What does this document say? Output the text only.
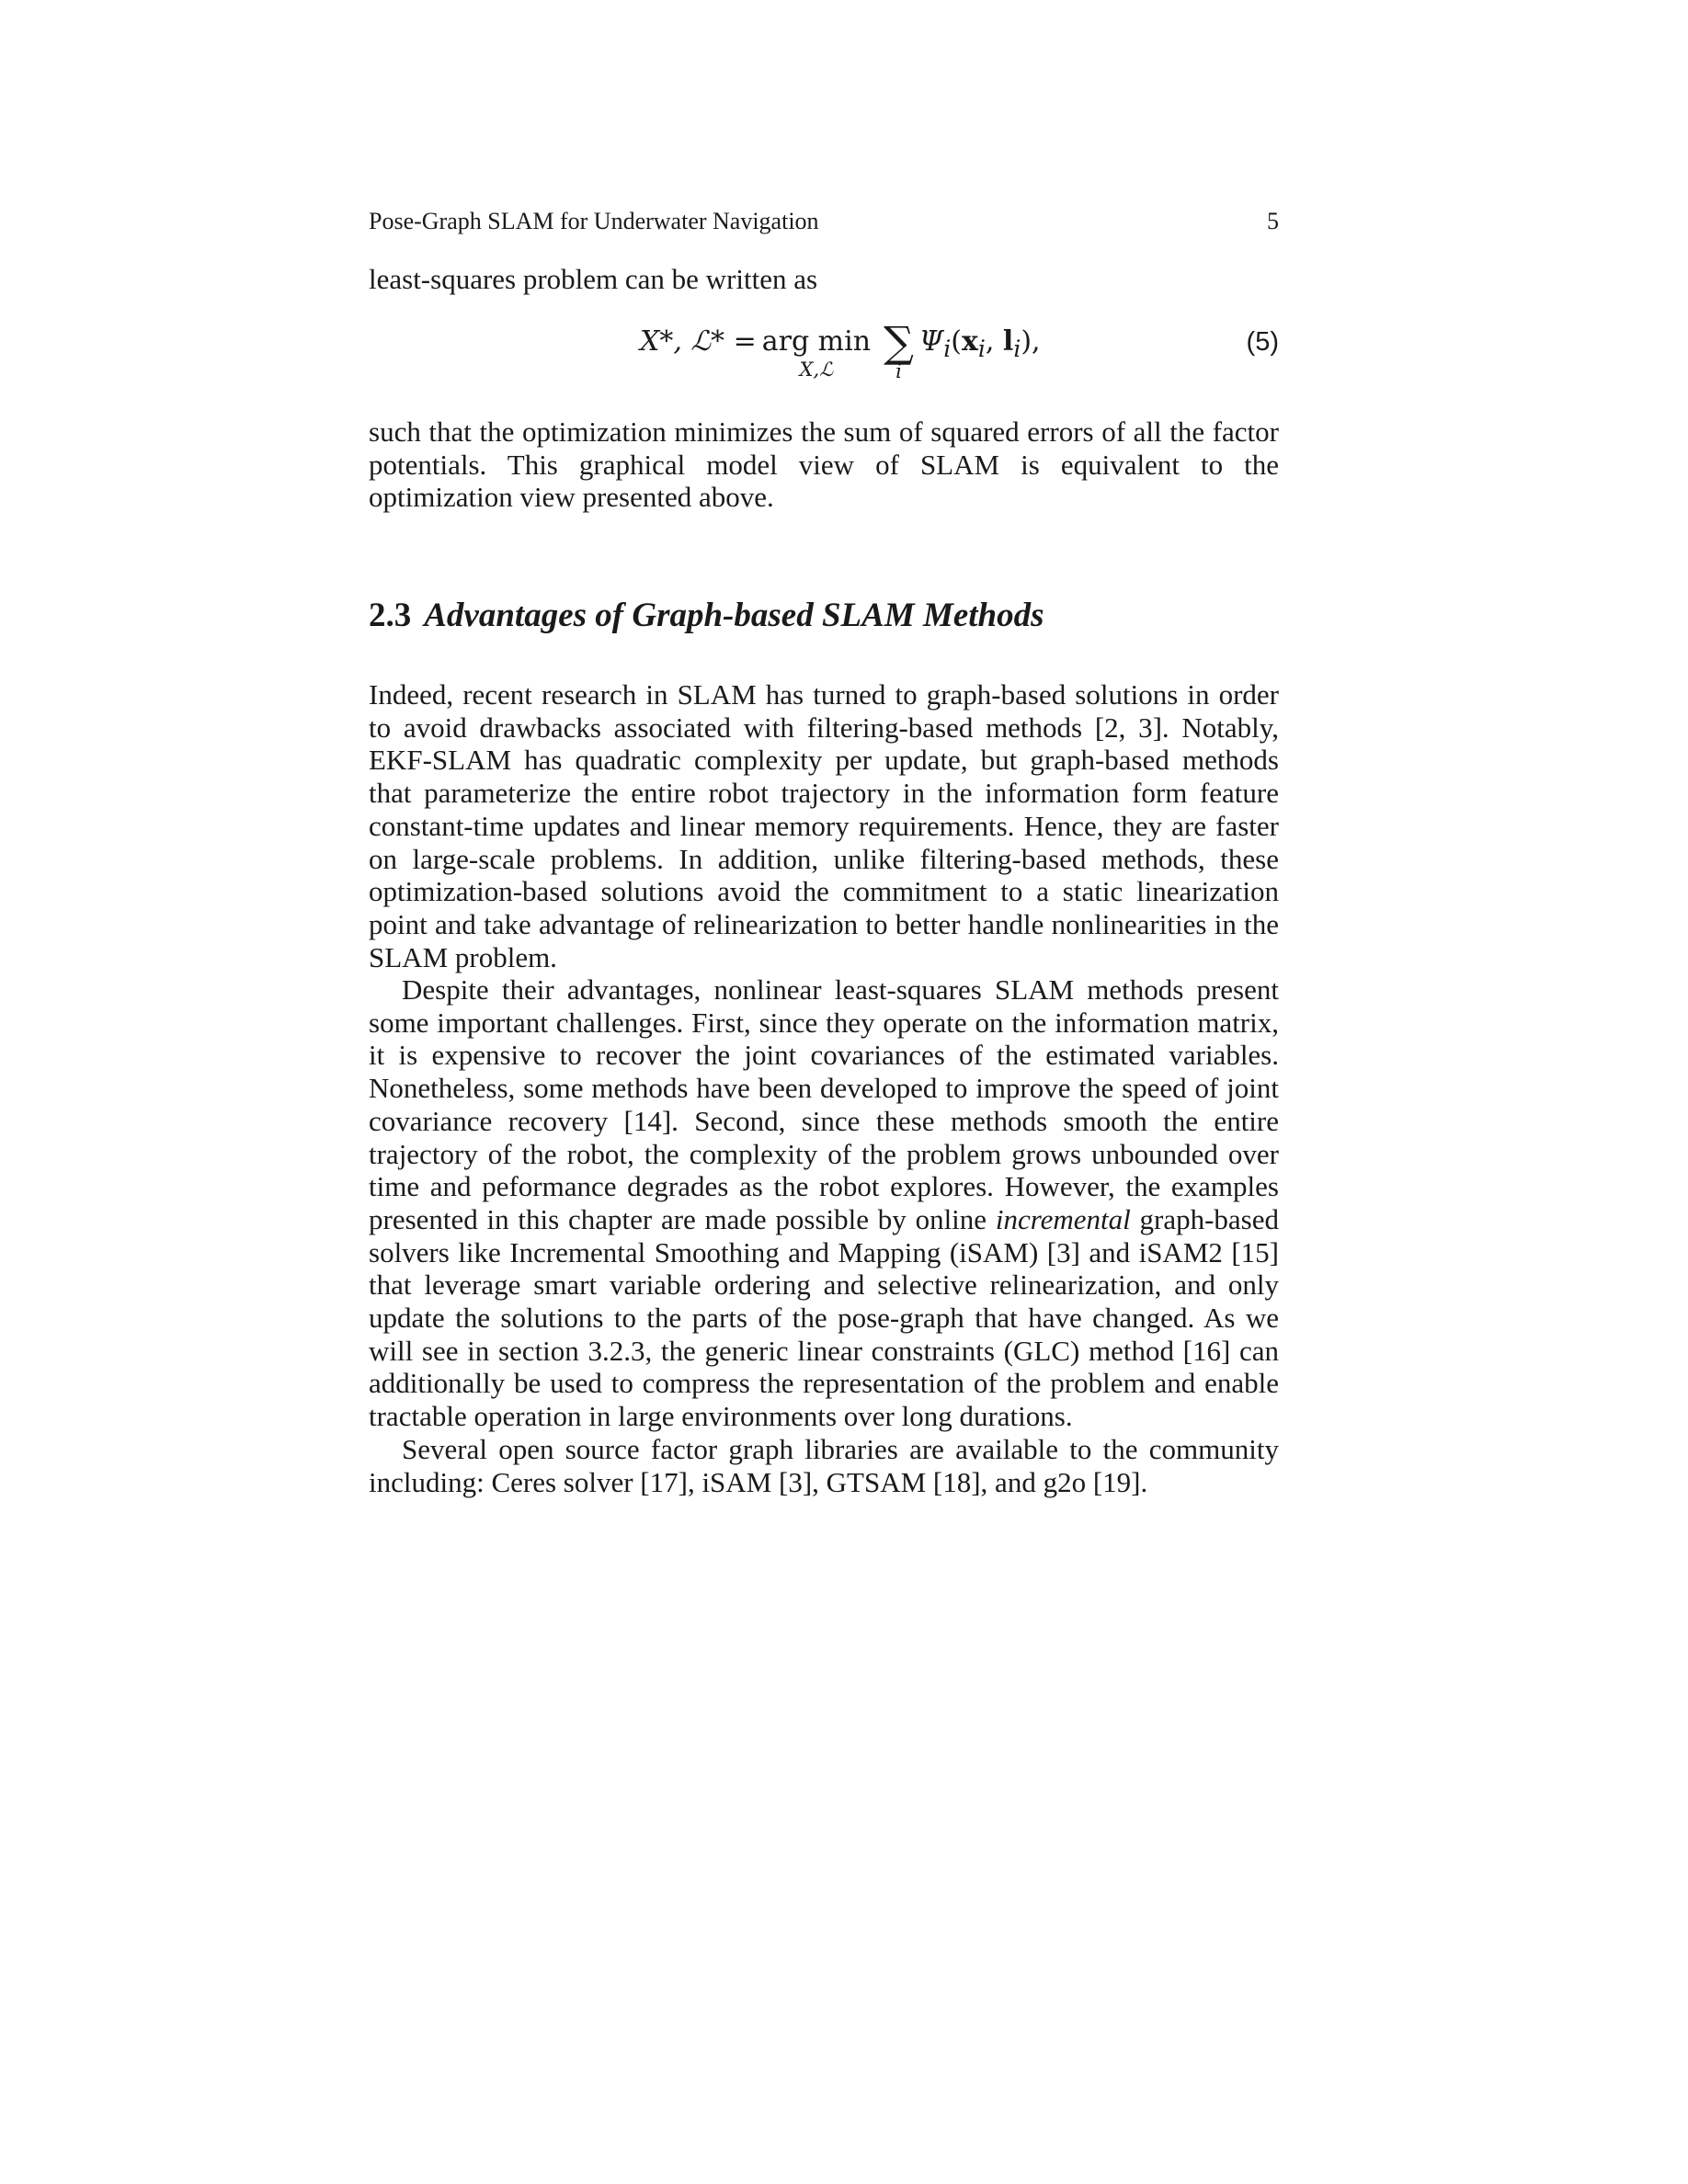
Pose-Graph SLAM for Underwater Navigation	5

least-squares problem can be written as

X*, ℒ* = arg min
X,ℒ
∑
i
$\Psi_i(x_i$, $l_i$),	(5)

such that the optimization minimizes the sum of squared errors of all the factor potentials. This graphical model view of SLAM is equivalent to the optimization view presented above.

2.3 Advantages of Graph-based SLAM Methods

Indeed, recent research in SLAM has turned to graph-based solutions in order to avoid drawbacks associated with filtering-based methods [2, 3]. Notably, EKF-SLAM has quadratic complexity per update, but graph-based methods that parameterize the entire robot trajectory in the information form feature constant-time updates and linear memory requirements. Hence, they are faster on large-scale problems. In addition, unlike filtering-based methods, these optimization-based solutions avoid the commitment to a static linearization point and take advantage of relinearization to better handle nonlinearities in the SLAM problem.

Despite their advantages, nonlinear least-squares SLAM methods present some important challenges. First, since they operate on the information matrix, it is expensive to recover the joint covariances of the estimated variables. Nonetheless, some methods have been developed to improve the speed of joint covariance recovery [14]. Second, since these methods smooth the entire trajectory of the robot, the complexity of the problem grows unbounded over time and peformance degrades as the robot explores. However, the examples presented in this chapter are made possible by online incremental graph-based solvers like Incremental Smoothing and Mapping (iSAM) [3] and iSAM2 [15] that leverage smart variable ordering and selective relinearization, and only update the solutions to the parts of the pose-graph that have changed. As we will see in section 3.2.3, the generic linear constraints (GLC) method [16] can additionally be used to compress the representation of the problem and enable tractable operation in large environments over long durations.

Several open source factor graph libraries are available to the community including: Ceres solver [17], iSAM [3], GTSAM [18], and g2o [19].
